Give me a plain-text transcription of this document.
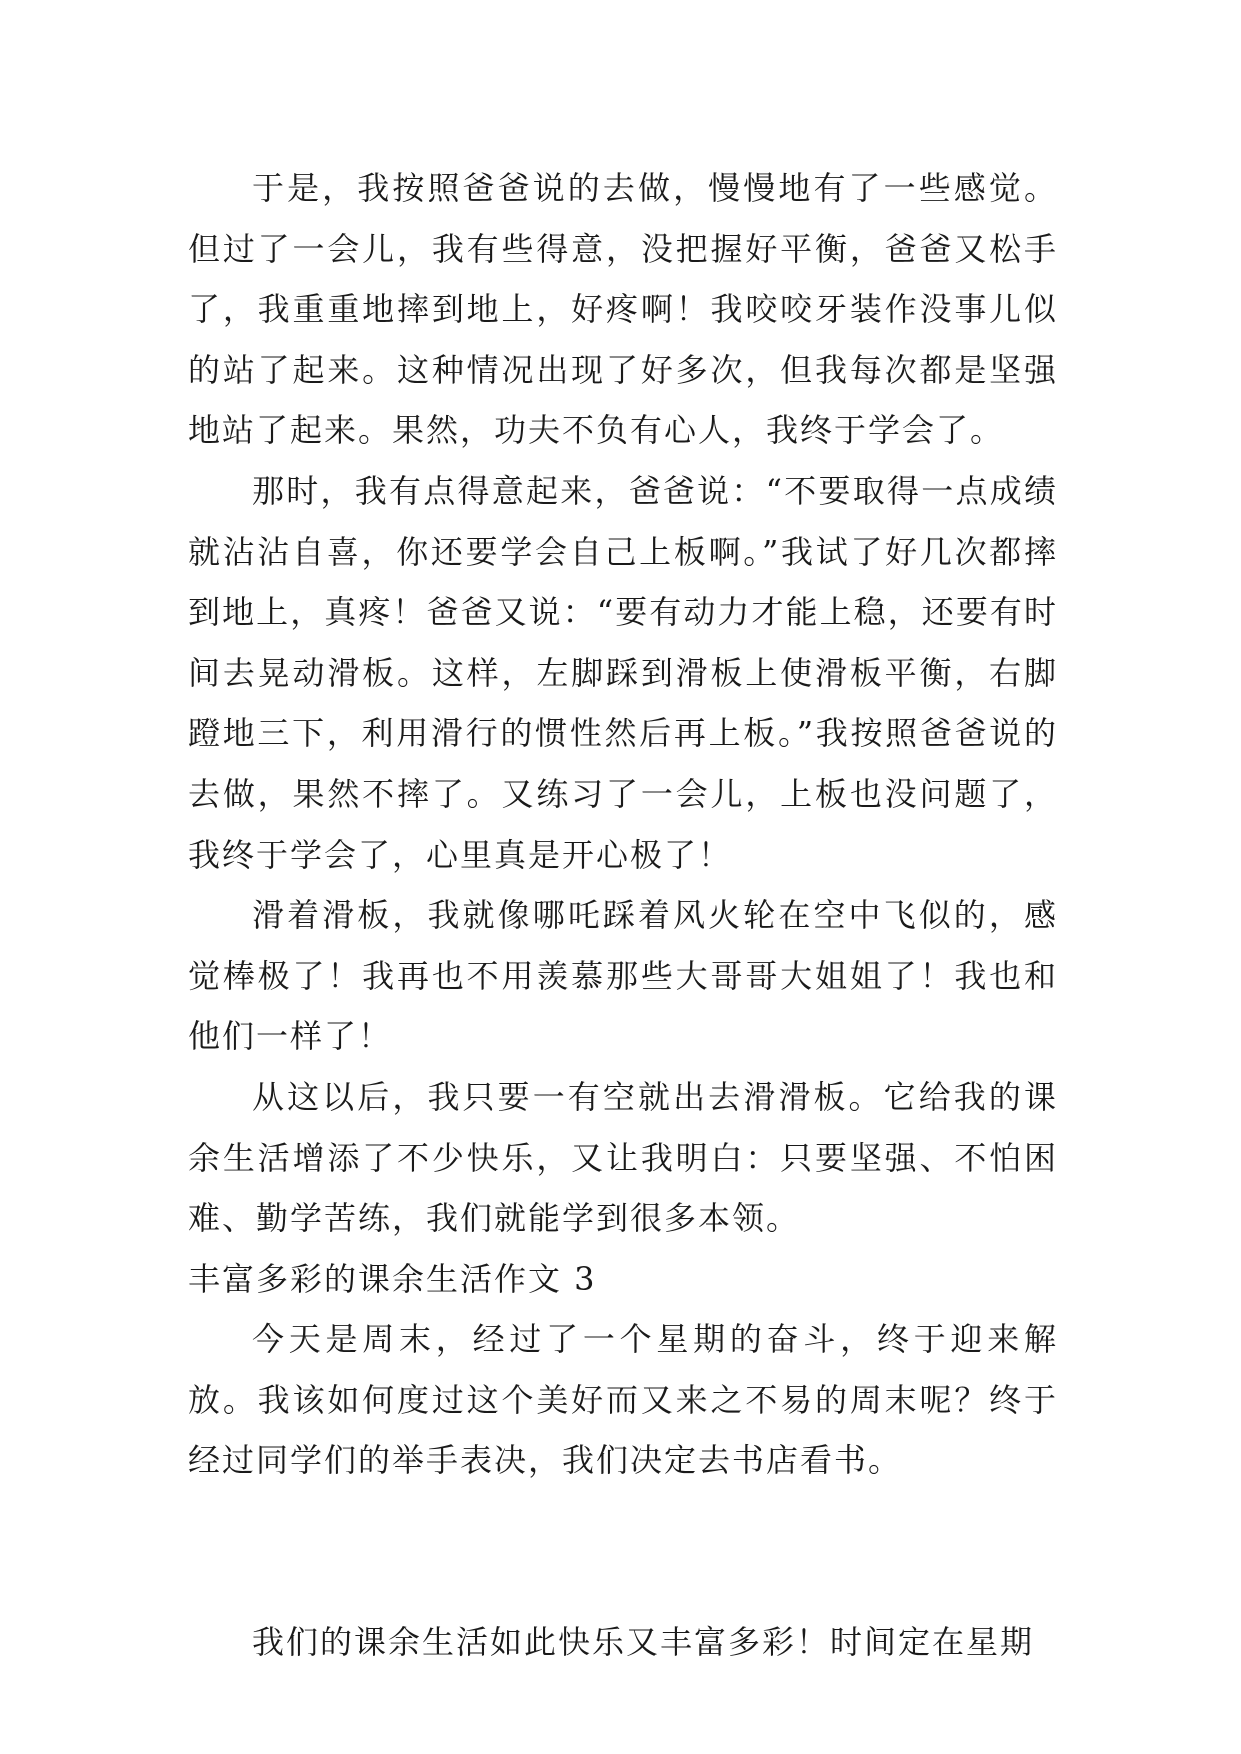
于是，我按照爸爸说的去做，慢慢地有了一些感觉。但过了一会儿，我有些得意，没把握好平衡，爸爸又松手了，我重重地摔到地上，好疼啊！我咬咬牙装作没事儿似的站了起来。这种情况出现了好多次，但我每次都是坚强地站了起来。果然，功夫不负有心人，我终于学会了。

那时，我有点得意起来，爸爸说：“不要取得一点成绩就沾沾自喜，你还要学会自己上板啊。”我试了好几次都摔到地上，真疼！爸爸又说：“要有动力才能上稳，还要有时间去晃动滑板。这样，左脚踩到滑板上使滑板平衡，右脚蹬地三下，利用滑行的惯性然后再上板。”我按照爸爸说的去做，果然不摔了。又练习了一会儿，上板也没问题了，我终于学会了，心里真是开心极了！

滑着滑板，我就像哪吒踩着风火轮在空中飞似的，感觉棒极了！我再也不用羡慕那些大哥哥大姐姐了！我也和他们一样了！

从这以后，我只要一有空就出去滑滑板。它给我的课余生活增添了不少快乐，又让我明白：只要坚强、不怕困难、勤学苦练，我们就能学到很多本领。

丰富多彩的课余生活作文 3

今天是周末，经过了一个星期的奋斗，终于迎来解放。我该如何度过这个美好而又来之不易的周末呢？终于经过同学们的举手表决，我们决定去书店看书。

我们的课余生活如此快乐又丰富多彩！时间定在星期
